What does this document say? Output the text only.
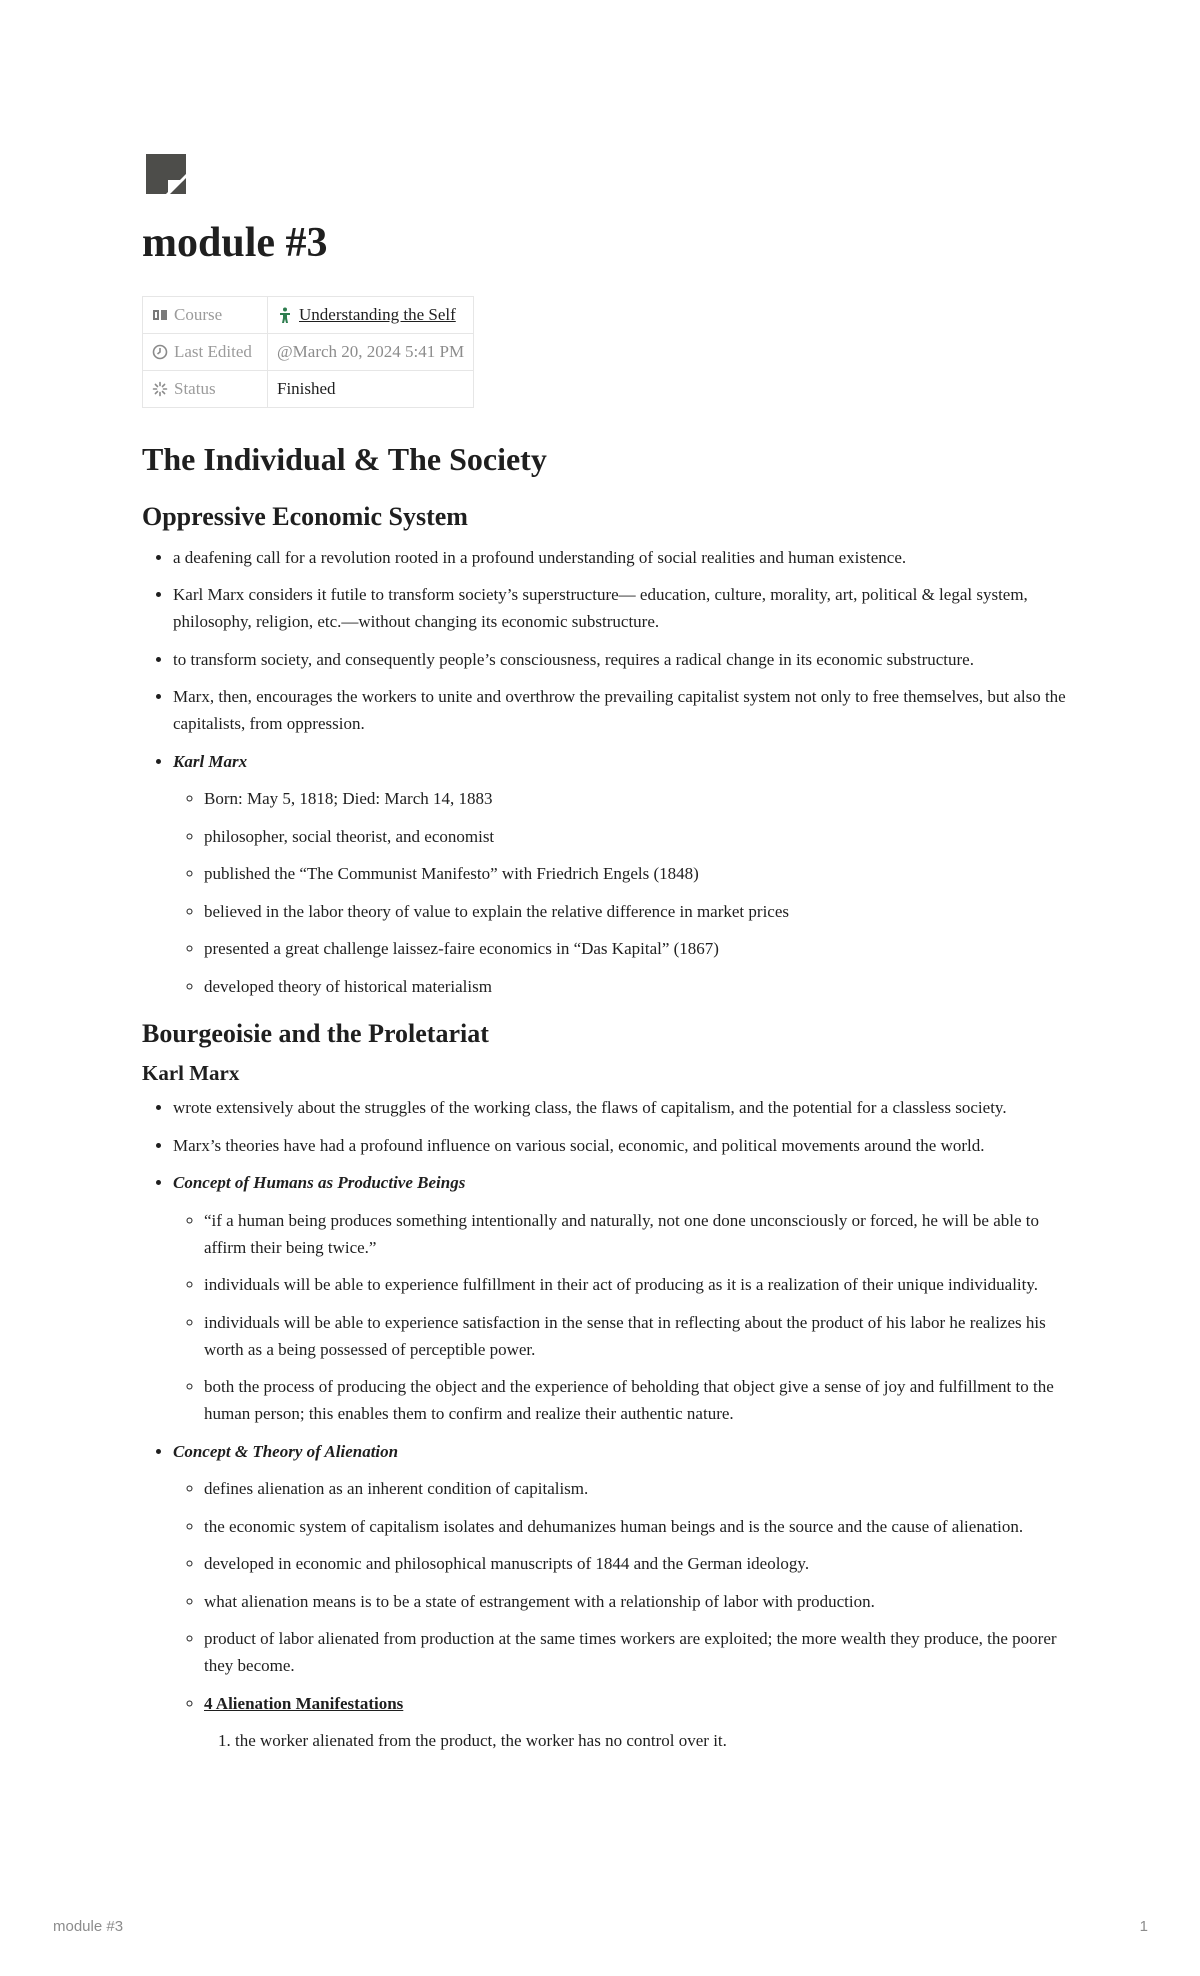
module #3
Course	Understanding the Self
Last Edited	@March 20, 2024 5:41 PM
Status	Finished
The Individual & The Society
Oppressive Economic System
• a deafening call for a revolution rooted in a profound understanding of social realities and human existence.
• Karl Marx considers it futile to transform society’s superstructure— education, culture, morality, art, political & legal system, philosophy, religion, etc.—without changing its economic substructure.
• to transform society, and consequently people’s consciousness, requires a radical change in its economic substructure.
• Marx, then, encourages the workers to unite and overthrow the prevailing capitalist system not only to free themselves, but also the capitalists, from oppression.
• Karl Marx
◦ Born: May 5, 1818; Died: March 14, 1883
◦ philosopher, social theorist, and economist
◦ published the “The Communist Manifesto” with Friedrich Engels (1848)
◦ believed in the labor theory of value to explain the relative difference in market prices
◦ presented a great challenge laissez-faire economics in “Das Kapital” (1867)
◦ developed theory of historical materialism
Bourgeoisie and the Proletariat
Karl Marx
• wrote extensively about the struggles of the working class, the flaws of capitalism, and the potential for a classless society.
• Marx’s theories have had a profound influence on various social, economic, and political movements around the world.
• Concept of Humans as Productive Beings
◦ “if a human being produces something intentionally and naturally, not one done unconsciously or forced, he will be able to affirm their being twice.”
◦ individuals will be able to experience fulfillment in their act of producing as it is a realization of their unique individuality.
◦ individuals will be able to experience satisfaction in the sense that in reflecting about the product of his labor he realizes his worth as a being possessed of perceptible power.
◦ both the process of producing the object and the experience of beholding that object give a sense of joy and fulfillment to the human person; this enables them to confirm and realize their authentic nature.
• Concept & Theory of Alienation
◦ defines alienation as an inherent condition of capitalism.
◦ the economic system of capitalism isolates and dehumanizes human beings and is the source and the cause of alienation.
◦ developed in economic and philosophical manuscripts of 1844 and the German ideology.
◦ what alienation means is to be a state of estrangement with a relationship of labor with production.
◦ product of labor alienated from production at the same times workers are exploited; the more wealth they produce, the poorer they become.
◦ 4 Alienation Manifestations
1. the worker alienated from the product, the worker has no control over it.
module #3	1
